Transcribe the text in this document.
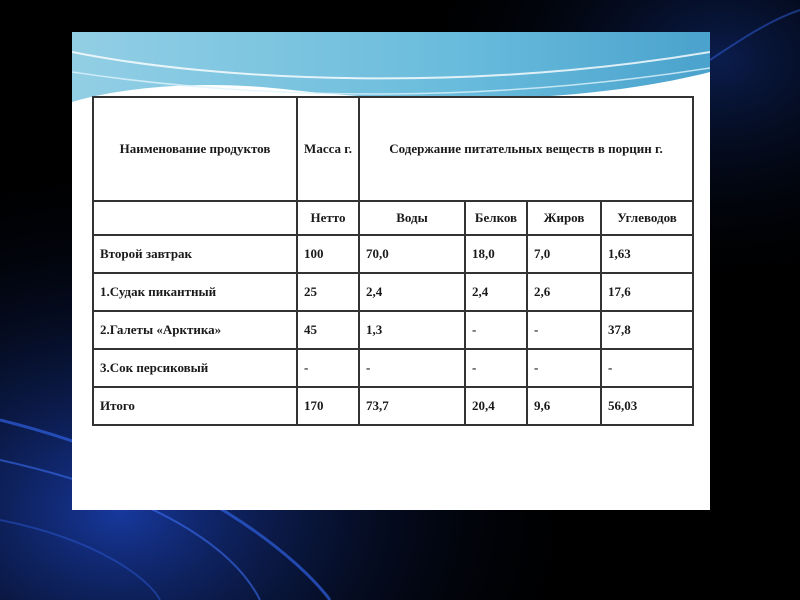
Наименование продуктов	Масса г.	Содержание питательных веществ в порцин г.			
	Нетто	Воды	Белков	Жиров	Углеводов
Второй завтрак	100	70,0	18,0	7,0	1,63
1.Судак пикантный	25	2,4	2,4	2,6	17,6
2.Галеты «Арктика»	45	1,3	-	-	37,8
3.Сок персиковый	-	-	-	-	-
Итого	170	73,7	20,4	9,6	56,03
